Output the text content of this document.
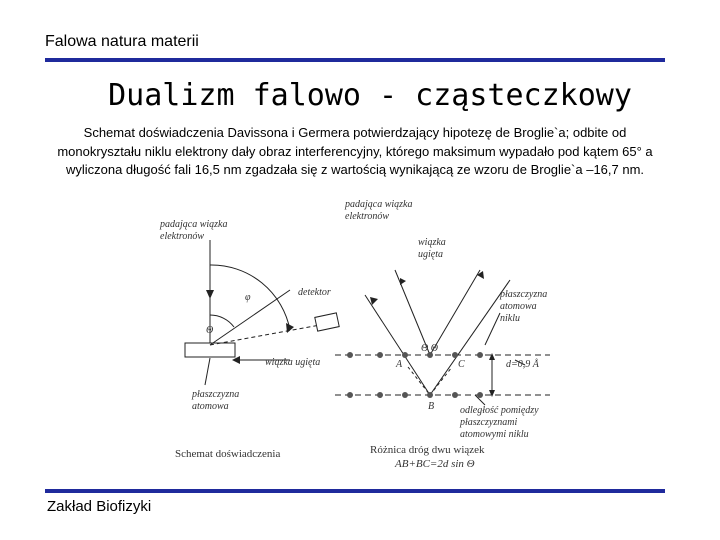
Falowa natura materii
Dualizm falowo - cząsteczkowy
Schemat doświadczenia Davissona i Germera potwierdzający hipotezę de Broglie`a; odbite od monokryształu niklu elektrony dały obraz interferencyjny, którego maksimum wypadało pod kątem 65° a wyliczona długość fali 16,5 nm zgadzała się z wartością wynikającą ze wzoru de Broglie`a –16,7 nm.
padająca wiązka
elektronów
detektor
φ
Θ
wiązka ugięta
płaszczyzna
atomowa
Schemat doświadczenia
padająca wiązka
elektronów
wiązka
ugięta
płaszczyzna
atomowa
niklu
Θ Θ
A	C
B
d=0,9 Å
odległość pomiędzy
płaszczyznami
atomowymi niklu
Różnica dróg dwu wiązek
AB+BC=2d sin Θ
Zakład Biofizyki
